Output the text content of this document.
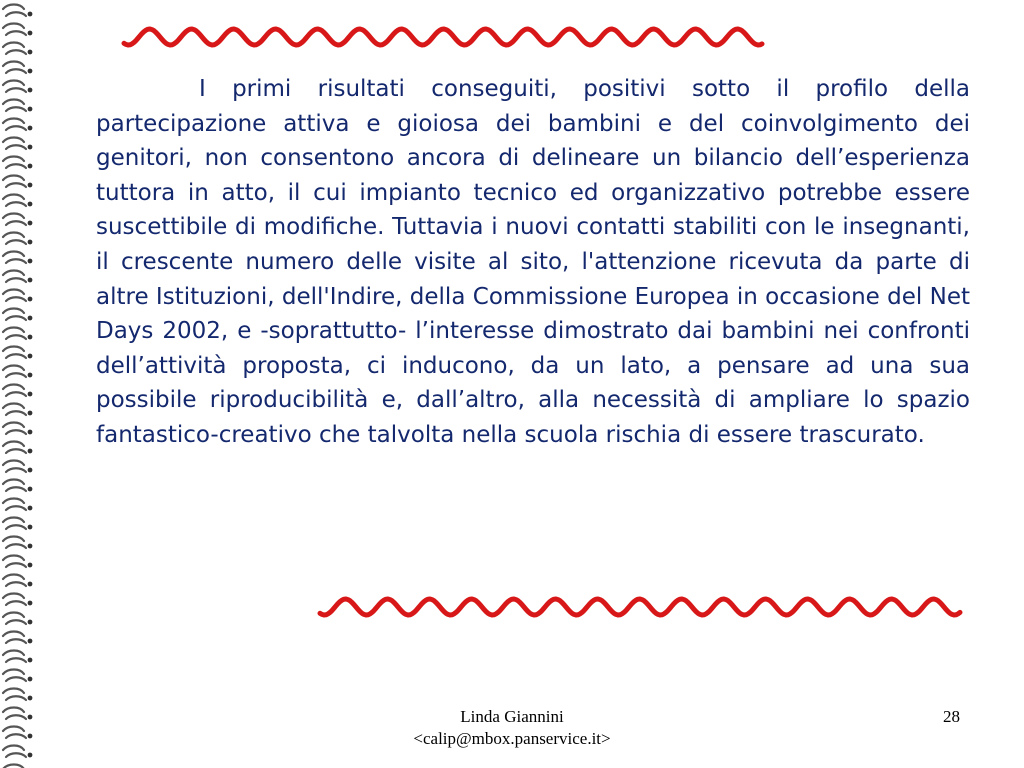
I primi risultati conseguiti, positivi sotto il profilo della partecipazione attiva e gioiosa dei bambini e del coinvolgimento dei genitori, non consentono ancora di delineare un bilancio dell’esperienza tuttora in atto, il cui impianto tecnico ed organizzativo potrebbe essere suscettibile di modifiche. Tuttavia i nuovi contatti stabiliti con le insegnanti, il crescente numero delle visite al sito, l'attenzione ricevuta da parte di altre Istituzioni, dell'Indire, della Commissione Europea in occasione del Net Days 2002, e -soprattutto- l’interesse dimostrato dai bambini nei confronti dell’attività proposta, ci inducono, da un lato, a pensare ad una sua possibile riproducibilità e, dall’altro, alla necessità di ampliare lo spazio fantastico-creativo che talvolta nella scuola rischia di essere trascurato.

Linda Giannini
<calip@mbox.panservice.it>
28
